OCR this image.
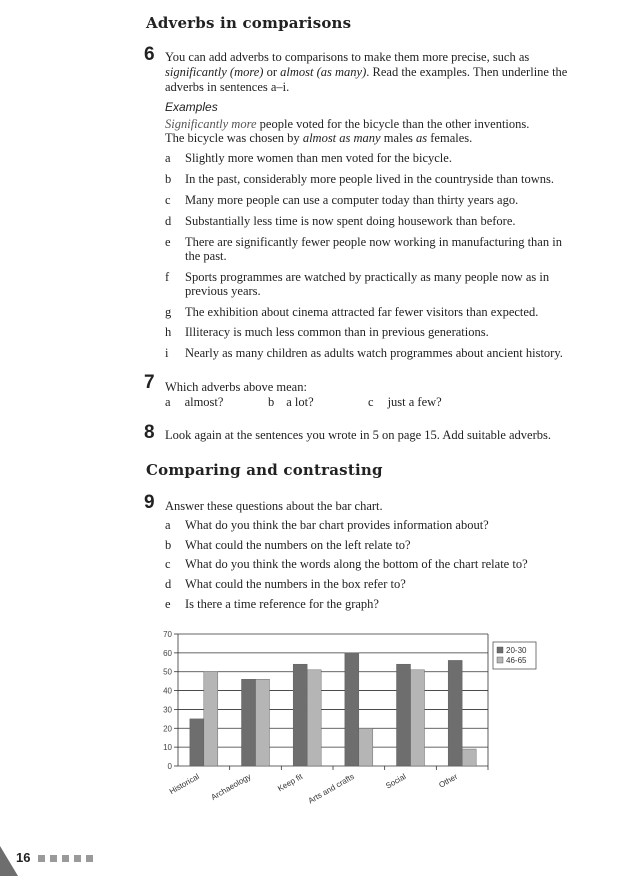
Adverbs in comparisons
6 You can add adverbs to comparisons to make them more precise, such as
significantly (more) or almost (as many). Read the examples. Then underline the
adverbs in sentences a–i.
Examples
Significantly more people voted for the bicycle than the other inventions.
The bicycle was chosen by almost as many males as females.
a Slightly more women than men voted for the bicycle.
b In the past, considerably more people lived in the countryside than towns.
c Many more people can use a computer today than thirty years ago.
d Substantially less time is now spent doing housework than before.
e There are significantly fewer people now working in manufacturing than in
the past.
f Sports programmes are watched by practically as many people now as in
previous years.
g The exhibition about cinema attracted far fewer visitors than expected.
h Illiteracy is much less common than in previous generations.
i Nearly as many children as adults watch programmes about ancient history.
7 Which adverbs above mean:
a almost?	b a lot?	c just a few?
8 Look again at the sentences you wrote in 5 on page 15. Add suitable adverbs.
Comparing and contrasting
9 Answer these questions about the bar chart.
a What do you think the bar chart provides information about?
b What could the numbers on the left relate to?
c What do you think the words along the bottom of the chart relate to?
d What could the numbers in the box refer to?
e Is there a time reference for the graph?
0
10
20
30
40
50
60
70
Historical Archaeology	Keep fit Arts and crafts	Social	Other
20-30
46-65
16
